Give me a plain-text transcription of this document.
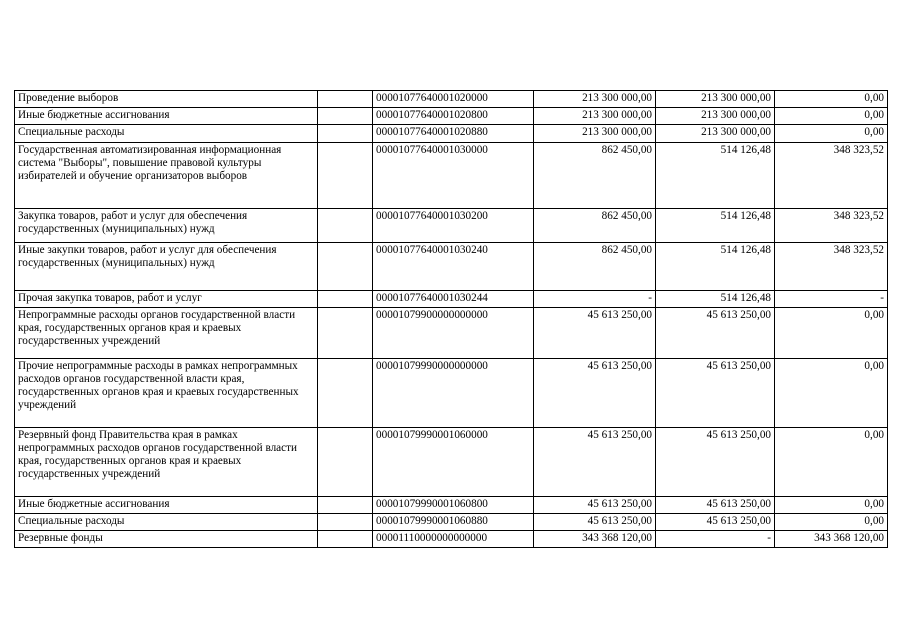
Проведение выборов		00001077640001020000	213 300 000,00	213 300 000,00	0,00
Иные бюджетные ассигнования		00001077640001020800	213 300 000,00	213 300 000,00	0,00
Специальные расходы		00001077640001020880	213 300 000,00	213 300 000,00	0,00
Государственная автоматизированная информационная система "Выборы", повышение правовой культуры избирателей и обучение организаторов выборов		00001077640001030000	862 450,00	514 126,48	348 323,52
Закупка товаров, работ и услуг для обеспечения государственных (муниципальных) нужд		00001077640001030200	862 450,00	514 126,48	348 323,52
Иные закупки товаров, работ и услуг для обеспечения государственных (муниципальных) нужд		00001077640001030240	862 450,00	514 126,48	348 323,52
Прочая закупка товаров, работ и услуг		00001077640001030244	-	514 126,48	-
Непрограммные расходы органов государственной власти края, государственных органов края и краевых государственных учреждений		00001079900000000000	45 613 250,00	45 613 250,00	0,00
Прочие непрограммные расходы в рамках непрограммных расходов органов государственной власти края, государственных органов края и краевых государственных учреждений		00001079990000000000	45 613 250,00	45 613 250,00	0,00
Резервный фонд Правительства края в рамках непрограммных расходов органов государственной власти края, государственных органов края и краевых государственных учреждений		00001079990001060000	45 613 250,00	45 613 250,00	0,00
Иные бюджетные ассигнования		00001079990001060800	45 613 250,00	45 613 250,00	0,00
Специальные расходы		00001079990001060880	45 613 250,00	45 613 250,00	0,00
Резервные фонды		00001110000000000000	343 368 120,00	-	343 368 120,00
